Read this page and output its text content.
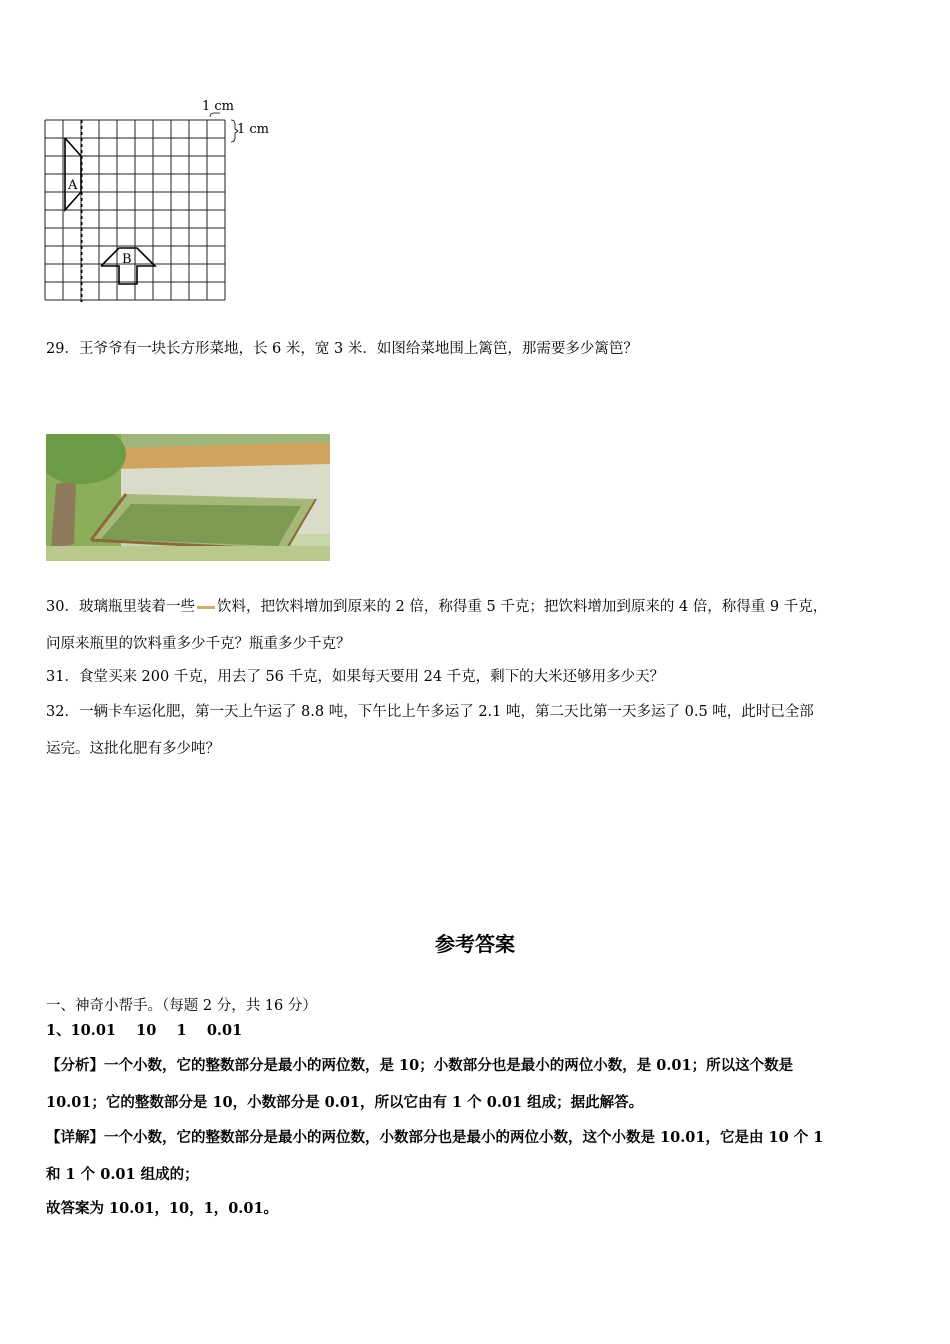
1 cm
1 cm
A
B
29．王爷爷有一块长方形菜地，长 6 米，宽 3 米．如图给菜地围上篱笆，那需要多少篱笆？
30．玻璃瓶里装着一些 饮料，把饮料增加到原来的 2 倍，称得重 5 千克；把饮料增加到原来的 4 倍，称得重 9 千克，
问原来瓶里的饮料重多少千克？瓶重多少千克？
31．食堂买来 200 千克，用去了 56 千克，如果每天要用 24 千克，剩下的大米还够用多少天？
32．一辆卡车运化肥，第一天上午运了 8.8 吨，下午比上午多运了 2.1 吨，第二天比第一天多运了 0.5 吨，此时已全部
运完。这批化肥有多少吨？
参考答案
一、神奇小帮手。（每题 2 分，共 16 分）
1、10.01    10    1    0.01
【分析】一个小数，它的整数部分是最小的两位数，是 10；小数部分也是最小的两位小数，是 0.01；所以这个数是
10.01；它的整数部分是 10，小数部分是 0.01，所以它由有 1 个 0.01 组成；据此解答。
【详解】一个小数，它的整数部分是最小的两位数，小数部分也是最小的两位小数，这个小数是 10.01，它是由 10 个 1
和 1 个 0.01 组成的；
故答案为 10.01，10，1，0.01。
